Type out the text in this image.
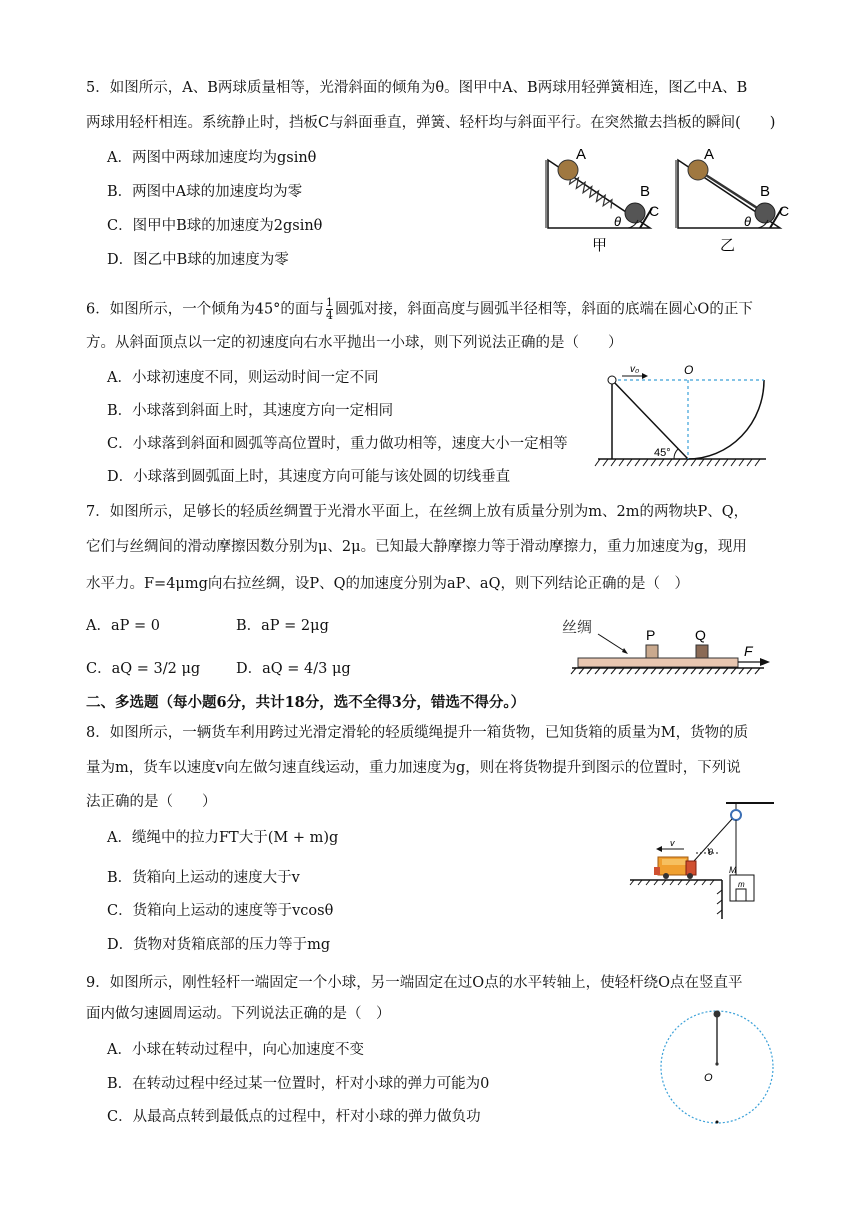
5．如图所示，A、B两球质量相等，光滑斜面的倾角为θ。图甲中A、B两球用轻弹簧相连，图乙中A、B
两球用轻杆相连。系统静止时，挡板C与斜面垂直，弹簧、轻杆均与斜面平行。在突然撤去挡板的瞬间(　　)
A．两图中两球加速度均为gsinθ
B．两图中A球的加速度均为零
C．图甲中B球的加速度为2gsinθ
D．图乙中B球的加速度为零
A
B
C
θ
甲
A
B
C
θ
乙
6．如图所示，一个倾角为45°的面与 $\frac{1}{4}$ 圆弧对接，斜面高度与圆弧半径相等，斜面的底端在圆心O的正下
方。从斜面顶点以一定的初速度向右水平抛出一小球，则下列说法正确的是（　　）
A．小球初速度不同，则运动时间一定不同
B．小球落到斜面上时，其速度方向一定相同
C．小球落到斜面和圆弧等高位置时，重力做功相等，速度大小一定相等
D．小球落到圆弧面上时，其速度方向可能与该处圆的切线垂直
v₀	O
45°
7．如图所示，足够长的轻质丝绸置于光滑水平面上，在丝绸上放有质量分别为m、2m的两物块P、Q，
它们与丝绸间的滑动摩擦因数分别为μ、2μ。已知最大静摩擦力等于滑动摩擦力，重力加速度为g，现用
水平力。F=4μmg向右拉丝绸，设P、Q的加速度分别为aP、aQ，则下列结论正确的是（　）
A．aP = 0	B．aP = 2μg
C．aQ = 3/2 μg D．aQ = 4/3 μg
丝绸	P	Q
F
二、多选题（每小题6分，共计18分，选不全得3分，错选不得分。）
8．如图所示，一辆货车利用跨过光滑定滑轮的轻质缆绳提升一箱货物，已知货箱的质量为M，货物的质
量为m，货车以速度v向左做匀速直线运动，重力加速度为g，则在将货物提升到图示的位置时，下列说
法正确的是（　　）
A．缆绳中的拉力FT大于(M + m)g
B．货箱向上运动的速度大于v
C．货箱向上运动的速度等于vcosθ
D．货物对货箱底部的压力等于mg
θ
v
M
m
9．如图所示，刚性轻杆一端固定一个小球，另一端固定在过O点的水平转轴上，使轻杆绕O点在竖直平
面内做匀速圆周运动。下列说法正确的是（　）
A．小球在转动过程中，向心加速度不变
B．在转动过程中经过某一位置时，杆对小球的弹力可能为0
C．从最高点转到最低点的过程中，杆对小球的弹力做负功
O
